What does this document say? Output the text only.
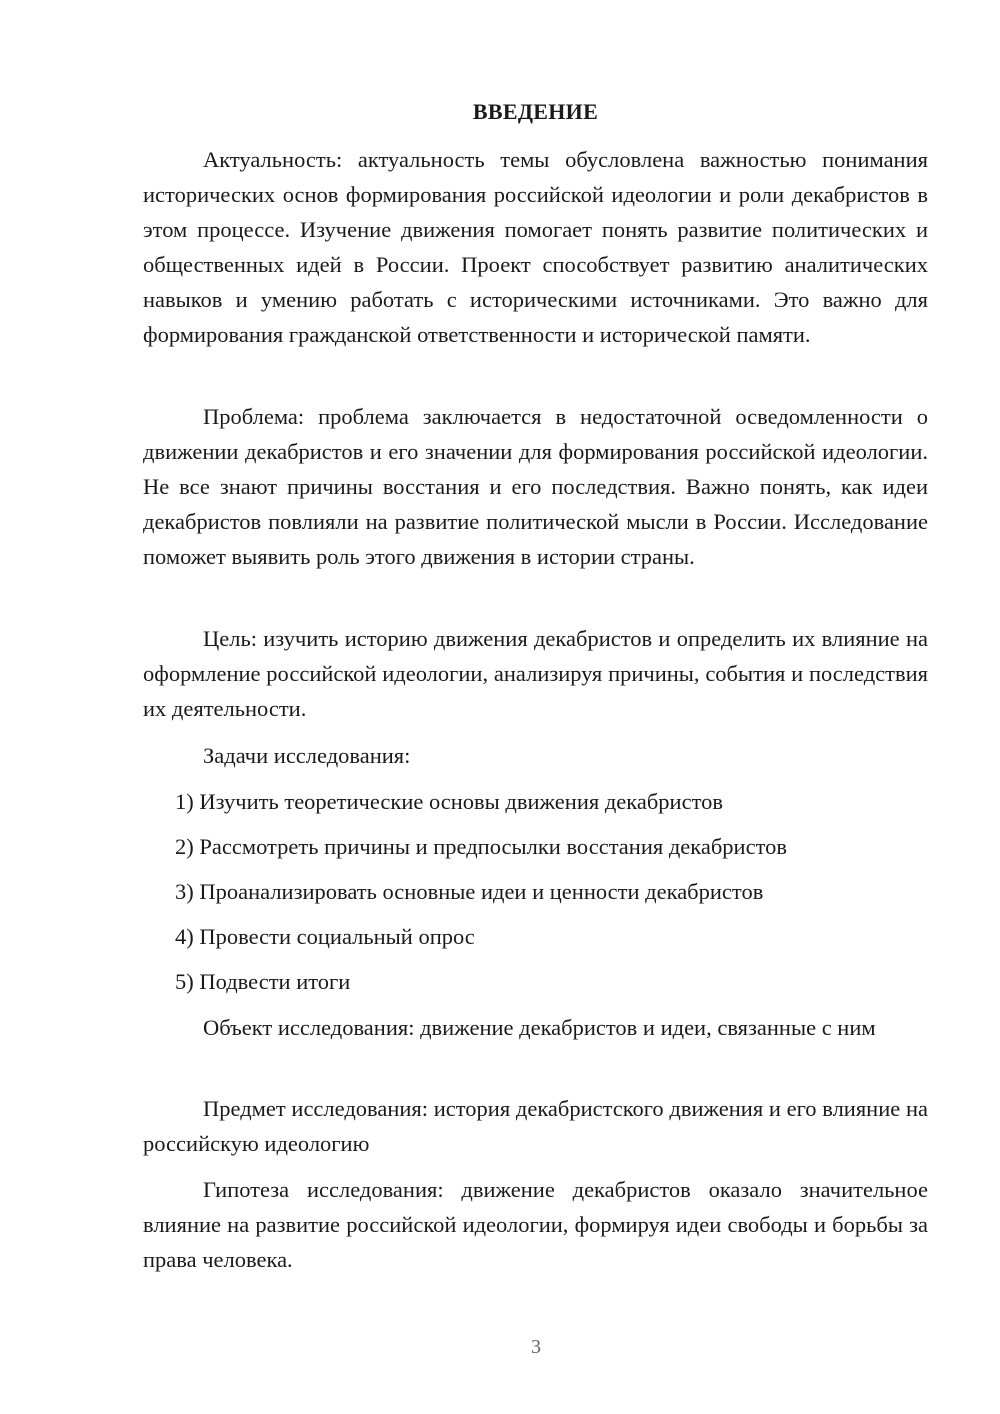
ВВЕДЕНИЕ

Актуальность: актуальность темы обусловлена важностью понимания исторических основ формирования российской идеологии и роли декабристов в этом процессе. Изучение движения помогает понять развитие политических и общественных идей в России. Проект способствует развитию аналитических навыков и умению работать с историческими источниками. Это важно для формирования гражданской ответственности и исторической памяти.

Проблема: проблема заключается в недостаточной осведомленности о движении декабристов и его значении для формирования российской идеологии. Не все знают причины восстания и его последствия. Важно понять, как идеи декабристов повлияли на развитие политической мысли в России. Исследование поможет выявить роль этого движения в истории страны.

Цель: изучить историю движения декабристов и определить их влияние на оформление российской идеологии, анализируя причины, события и последствия их деятельности.

Задачи исследования:

1) Изучить теоретические основы движения декабристов

2) Рассмотреть причины и предпосылки восстания декабристов

3) Проанализировать основные идеи и ценности декабристов

4) Провести социальный опрос

5) Подвести итоги

Объект исследования: движение декабристов и идеи, связанные с ним

Предмет исследования: история декабристского движения и его влияние на российскую идеологию

Гипотеза исследования: движение декабристов оказало значительное влияние на развитие российской идеологии, формируя идеи свободы и борьбы за права человека.

3
